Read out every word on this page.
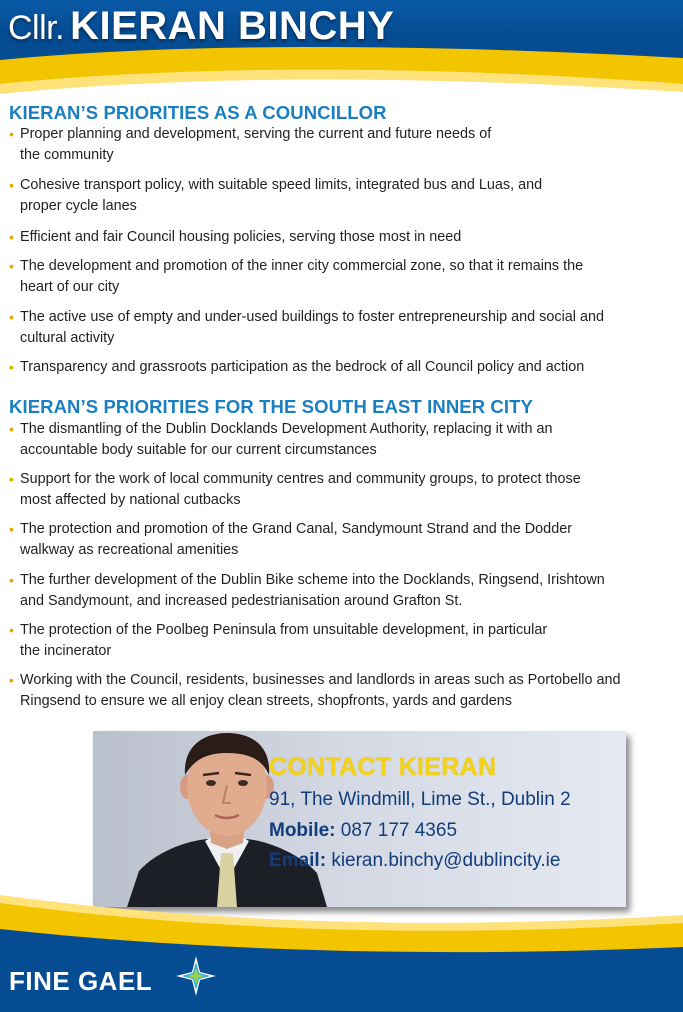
Cllr. KIERAN BINCHY
KIERAN’S PRIORITIES AS A COUNCILLOR
• Proper planning and development, serving the current and future needs of
the community
• Cohesive transport policy, with suitable speed limits, integrated bus and Luas, and
proper cycle lanes
• Efficient and fair Council housing policies, serving those most in need
• The development and promotion of the inner city commercial zone, so that it remains the
heart of our city
• The active use of empty and under-used buildings to foster entrepreneurship and social and
cultural activity
• Transparency and grassroots participation as the bedrock of all Council policy and action
KIERAN’S PRIORITIES FOR THE SOUTH EAST INNER CITY
• The dismantling of the Dublin Docklands Development Authority, replacing it with an
accountable body suitable for our current circumstances
• Support for the work of local community centres and community groups, to protect those
most affected by national cutbacks
• The protection and promotion of the Grand Canal, Sandymount Strand and the Dodder
walkway as recreational amenities
• The further development of the Dublin Bike scheme into the Docklands, Ringsend, Irishtown
and Sandymount, and increased pedestrianisation around Grafton St.
• The protection of the Poolbeg Peninsula from unsuitable development, in particular
the incinerator
• Working with the Council, residents, businesses and landlords in areas such as Portobello and
Ringsend to ensure we all enjoy clean streets, shopfronts, yards and gardens
CONTACT KIERAN
91, The Windmill, Lime St., Dublin 2
Mobile: 087 177 4365
Email: kieran.binchy@dublincity.ie
FINE GAEL
